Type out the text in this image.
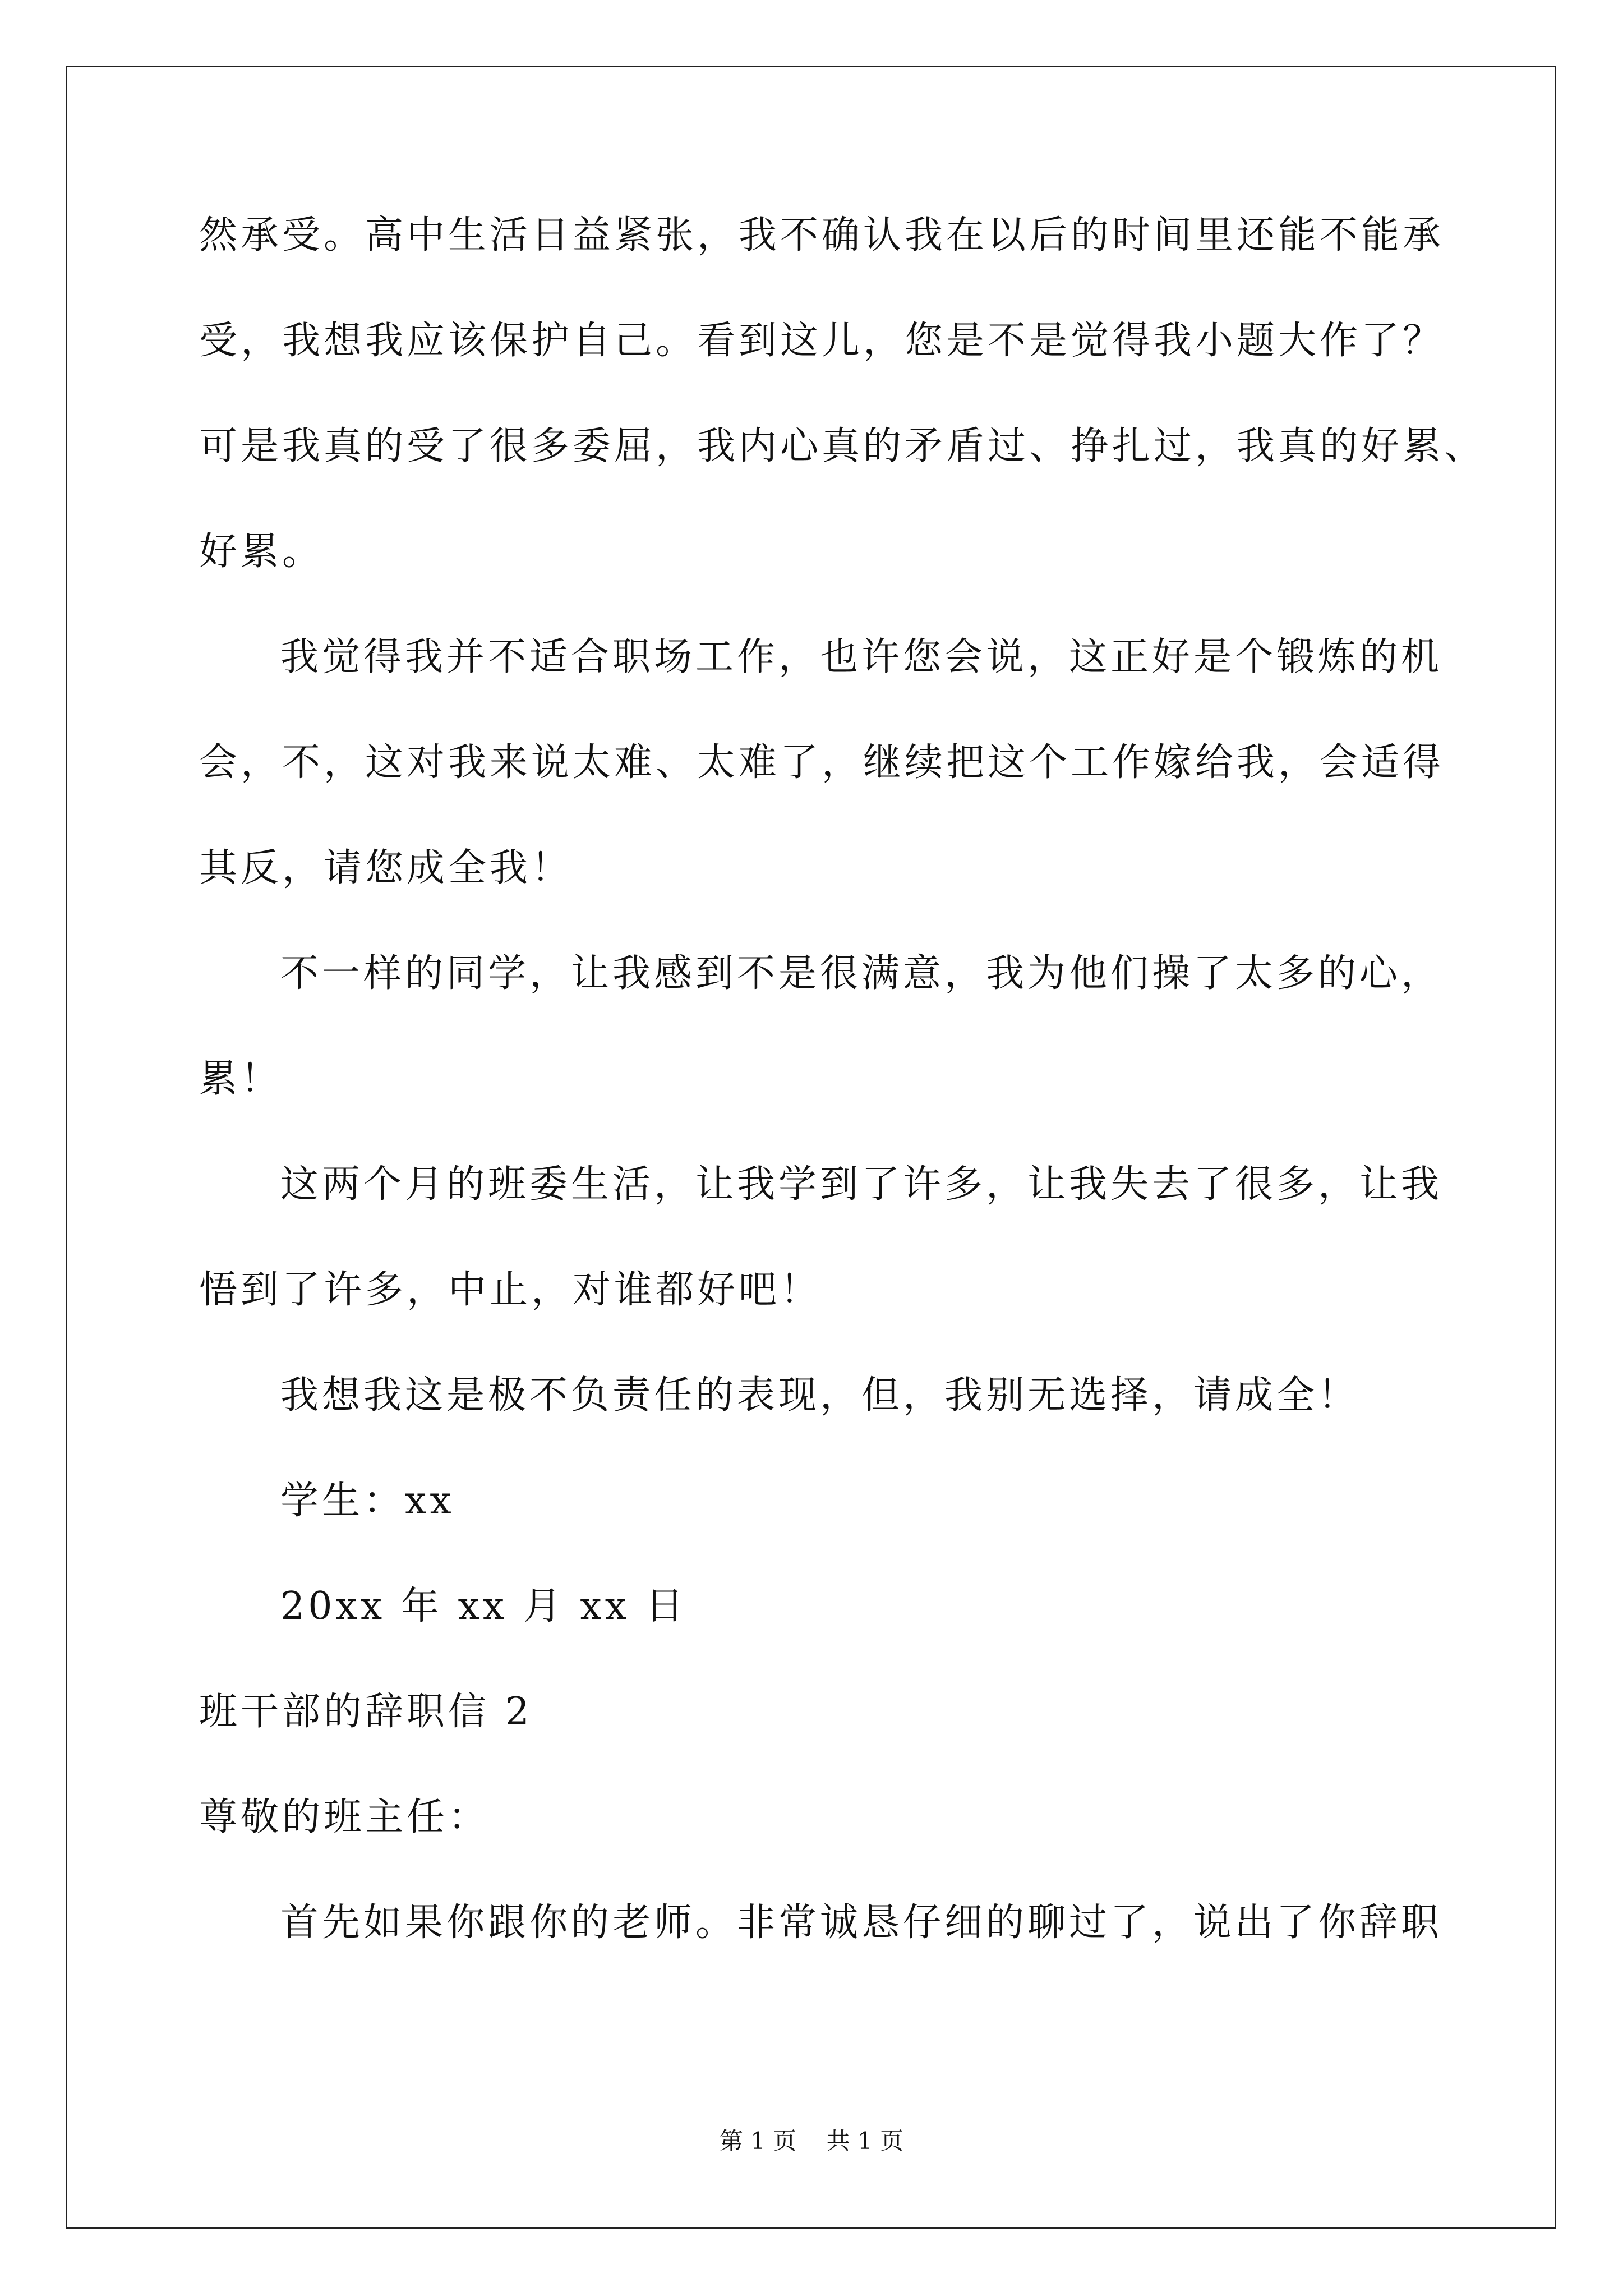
然承受。高中生活日益紧张，我不确认我在以后的时间里还能不能承
受，我想我应该保护自己。看到这儿，您是不是觉得我小题大作了？
可是我真的受了很多委屈，我内心真的矛盾过、挣扎过，我真的好累、
好累。
我觉得我并不适合职场工作，也许您会说，这正好是个锻炼的机
会，不，这对我来说太难、太难了，继续把这个工作嫁给我，会适得
其反，请您成全我！
不一样的同学，让我感到不是很满意，我为他们操了太多的心，
累！
这两个月的班委生活，让我学到了许多，让我失去了很多，让我
悟到了许多，中止，对谁都好吧！
我想我这是极不负责任的表现，但，我别无选择，请成全！
学生：xx
20xx 年 xx 月 xx 日
班干部的辞职信 2
尊敬的班主任：
首先如果你跟你的老师。非常诚恳仔细的聊过了，说出了你辞职
第 1 页    共 1 页
